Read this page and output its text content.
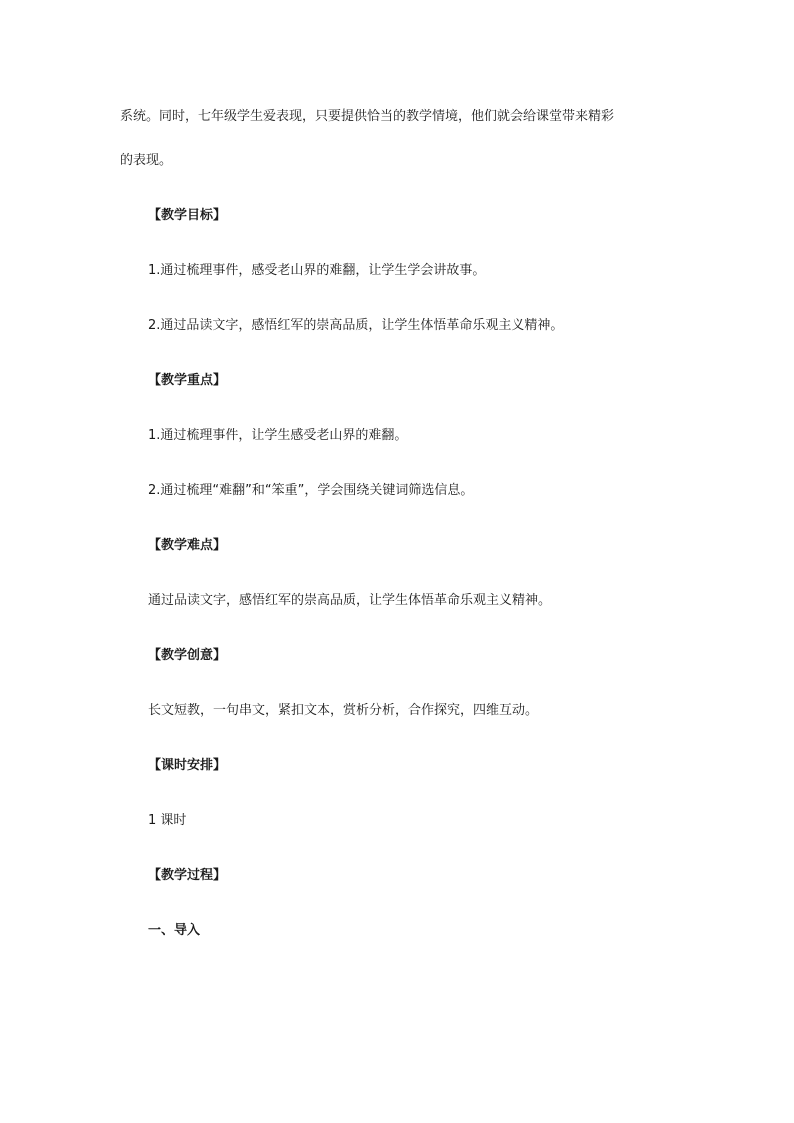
系统。同时，七年级学生爱表现，只要提供恰当的教学情境，他们就会给课堂带来精彩
的表现。
【教学目标】
1.通过梳理事件，感受老山界的难翻，让学生学会讲故事。
2.通过品读文字，感悟红军的崇高品质，让学生体悟革命乐观主义精神。
【教学重点】
1.通过梳理事件，让学生感受老山界的难翻。
2.通过梳理“难翻”和“笨重”，学会围绕关键词筛选信息。
【教学难点】
通过品读文字，感悟红军的崇高品质，让学生体悟革命乐观主义精神。
【教学创意】
长文短教，一句串文，紧扣文本，赏析分析，合作探究，四维互动。
【课时安排】
1 课时
【教学过程】
一、导入
